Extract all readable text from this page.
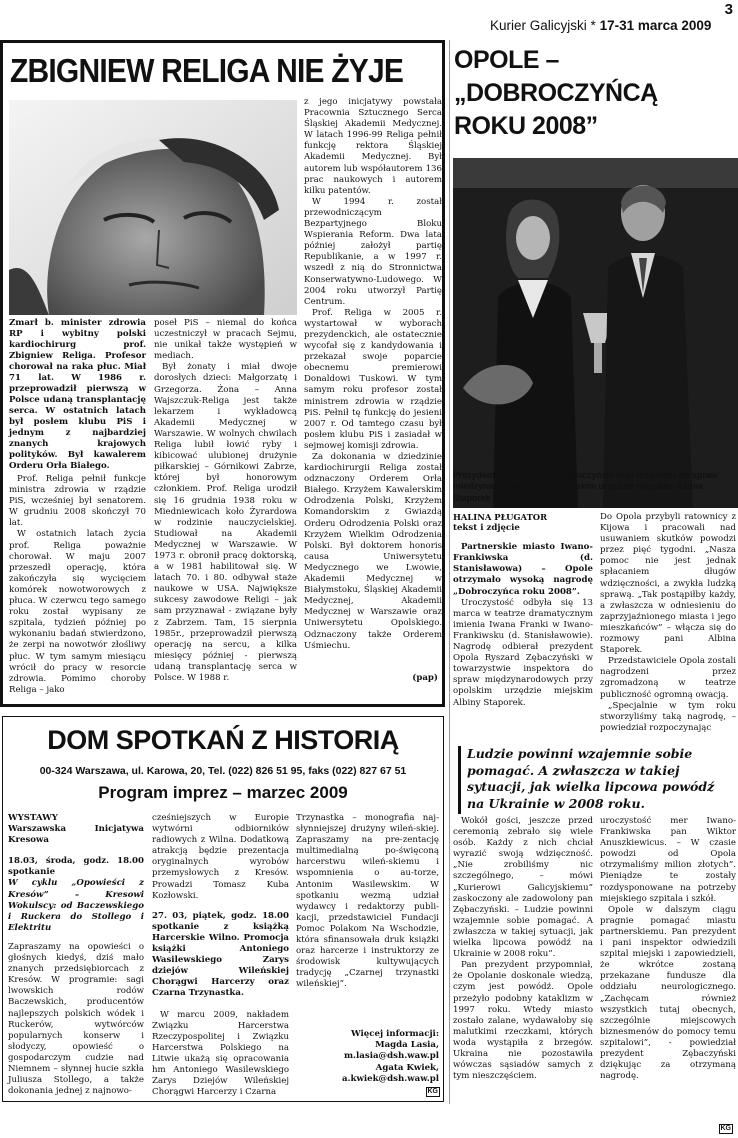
3
Kurier Galicyjski * 17-31 marca 2009
ZBIGNIEW RELIGA NIE ŻYJE
Zmarł b. minister zdrowia RP i wybitny polski kardiochirurg prof. Zbigniew Religa. Profesor chorował na raka płuc. Miał 71 lat. W 1986 r. przeprowadził pierwszą w Polsce udaną transplantację serca. W ostatnich latach był posłem klubu PiS i jednym z najbardziej znanych krajowych polityków. Był kawalerem Orderu Orła Białego.

Prof. Religa pełnił funkcje ministra zdrowia w rządzie PiS, wcześniej był senatorem. W grudniu 2008 skończył 70 lat.

W ostatnich latach życia prof. Religa poważnie chorował. W maju 2007 przeszedł operację, która zakończyła się wycięciem komórek nowotworowych z płuca. W czerwcu tego samego roku został wypisany ze szpitala, tydzień później po wykonaniu badań stwierdzono, że zerpi na nowotwór złośliwy płuc. W tym samym miesiącu wrócił do pracy w resorcie zdrowia. Pomimo choroby Religa – jako

poseł PiS – niemal do końca uczestniczył w pracach Sejmu, nie unikał także występień w mediach.

Był żonaty i miał dwoje dorosłych dzieci: Małgorzatę i Grzegorza. Żona – Anna Wajszczuk-Religa jest także lekarzem i wykładowcą Akademii Medycznej w Warszawie. W wolnych chwilach Religa lubił łowić ryby i kibicować ulubionej drużynie piłkarskiej – Górnikowi Zabrze, której był honorowym członkiem. Prof. Religa urodził się 16 grudnia 1938 roku w Miedniewicach koło Żyrardowa w rodzinie nauczycielskiej. Studiował na Akademii Medycznej w Warszawie. W 1973 r. obronił pracę doktorską, a w 1981 habilitował się. W latach 70. i 80. odbywał staże naukowe w USA. Największe sukcesy zawodowe Religi – jak sam przyznawał - związane były z Zabrzem. Tam, 15 sierpnia 1985r., przeprowadził pierwszą operację na sercu, a kilka miesięcy później - pierwszą udaną transplantację serca w Polsce. W 1988 r.

z jego inicjatywy powstała Pracownia Sztucznego Serca Śląskiej Akademii Medycznej. W latach 1996-99 Religa pełnił funkcję rektora Śląskiej Akademii Medycznej. Był autorem lub współautorem 136 prac naukowych i autorem kilku patentów.

W 1994 r. został przewodniczącym Bezpartyjnego Bloku Wspierania Reform. Dwa lata później założył partię Republikanie, a w 1997 r. wszedł z nią do Stronnictwa Konserwatywno-Ludowego. W 2004 roku utworzył Partię Centrum.

Prof. Religa w 2005 r. wystartował w wyborach prezydenckich, ale ostatecznie wycofał się z kandydowania i przekazał swoje poparcie obecnemu premierowi Donaldowi Tuskowi. W tym samym roku profesor został ministrem zdrowia w rządzie PiS. Pełnił tę funkcję do jesieni 2007 r. Od tamtego czasu był posłem klubu PiS i zasiadał w sejmowej komisji zdrowia.

Za dokonania w dziedzinie kardiochirurgii Religa został odznaczony Orderem Orła Białego. Krzyżem Kawalerskim Odrodzenia Polski, Krzyżem Komandorskim z Gwiazdą Orderu Odrodzenia Polski oraz Krzyżem Wielkim Odrodzenia Polski. Był doktorem honoris causa Uniwersytetu Medycznego we Lwowie, Akademii Medycznej w Białymstoku, Śląskiej Akademii Medycznej, Akademii Medycznej w Warszawie oraz Uniwersytetu Opolskiego. Odznaczony także Orderem Uśmiechu.

(pap)
OPOLE –
„DOBROCZYŃCĄ
ROKU 2008”
Prezydent Opola Ryszard Zębaczyński oraz inspektor do spraw międzynarodowych przy opolskim urzędzie miejskim Albina Staporek

HALINA PŁUGATOR

tekst i zdjęcie

Partnerskie miasto Iwano-Frankiwska (d. Stanisławowa) – Opole otrzymało wysoką nagrodę „Dobroczyńca roku 2008”.

Uroczystość odbyła się 13 marca w teatrze dramatycznym imienia Iwana Franki w Iwano-Frankiwsku (d. Stanisławowie). Nagrodę odbierał prezydent Opola Ryszard Zębaczyński w towarzystwie inspektora do spraw międzynarodowych przy opolskim urzędzie miejskim Albiny Staporek.

Do Opola przybyli ratownicy z Kijowa i pracowali nad usuwaniem skutków powodzi przez pięć tygodni. „Nasza pomoc nie jest jednak spłacaniem długów wdzięczności, a zwykła ludzką sprawą. „Tak postąpiłby każdy, a zwłaszcza w odniesieniu do zaprzyjaźnionego miasta i jego mieszkańców” – włącza się do rozmowy pani Albina Staporek.

Przedstawiciele Opola zostali nagrodzeni przez zgromadzoną w teatrze publiczność ogromną owacją.

„Specjalnie w tym roku stworzyliśmy taką nagrodę, – powiedział rozpoczynając

Ludzie powinni wzajemnie sobie pomagać. A zwłaszcza w takiej sytuacji, jak wielka lipcowa powódź na Ukrainie w 2008 roku.

Wokół gości, jeszcze przed ceremonią zebrało się wiele osób. Każdy z nich chciał wyrazić swoją wdzięczność. „Nie zrobiliśmy nic szczególnego, – mówi „Kurierowi Galicyjskiemu” zaskoczony ale zadowolony pan Zębaczyński. – Ludzie powinni wzajemnie sobie pomagać. A zwłaszcza w takiej sytuacji, jak wielka lipcowa powódź na Ukrainie w 2008 roku”.

Pan prezydent przypomniał, że Opolanie doskonale wiedzą, czym jest powódź. Opole przeżyło podobny kataklizm w 1997 roku. Wtedy miasto zostało zalane, wydawałoby się malutkimi rzeczkami, których woda wystąpiła z brzegów. Ukraina nie pozostawiła wówczas sąsiadów samych z tym nieszczęściem.

uroczystość mer Iwano-Frankiwska pan Wiktor Anuszkiewicus. – W czasie powodzi od Opola otrzymaliśmy milion złotych”. Pieniądze te zostały rozdysponowane na potrzeby miejskiego szpitala i szkół.

Opole w dalszym ciągu pragnie pomagać miastu partnerskiemu. Pan prezydent i pani inspektor odwiedzili szpital miejski i zapowiedzieli, że wkrótce zostaną przekazane fundusze dla oddziału neurologicznego. „Zachęcam również wszystkich tutaj obecnych, szczególnie miejscowych biznesmenów do pomocy temu szpitalowi”, - powiedział prezydent Zębaczyński dziękując za otrzymaną nagrodę.

KG
DOM SPOTKAŃ Z HISTORIĄ
00-324 Warszawa, ul. Karowa, 20, Tel. (022) 826 51 95, faks (022) 827 67 51
Program imprez – marzec 2009

WYSTAWY

Warszawska Inicjatywa Kresowa

18.03, środa, godz. 18.00 spotkanie

W cyklu „Opowieści z Kresów” – Kresowi Wokulscy: od Baczewskiego i Ruckera do Stollego i Elektritu

Zapraszamy na opowieści o głośnych kiedyś, dziś mało znanych przedsiębiorcach z Kresów. W programie: sagi lwowskich rodów Baczewskich, producentów najlepszych polskich wódek i Ruckerów, wytwórców popularnych konserw i słodyczy, opowieść o gospodarczym cudzie nad Niemnem – słynnej hucie szkła Juliusza Stollego, a także dokonania jednej z najnowo-

cześniejszych w Europie wytwórni odbiorników radiowych z Wilna. Dodatkową atrakcją będzie prezentacja oryginalnych wyrobów przemysłowych z Kresów. Prowadzi Tomasz Kuba Kozłowski.

27. 03, piątek, godz. 18.00 spotkanie z książką Harcerskie Wilno. Promocja książki Antoniego Wasilewskiego Zarys dziejów Wileńskiej Chorągwi Harcerzy oraz Czarna Trzynastka.

W marcu 2009, nakładem Związku Harcerstwa Rzeczypospolitej i Związku Harcerstwa Polskiego na Litwie ukażą się opracowania hm Antoniego Wasilewskiego Zarys Dziejów Wileńskiej Chorągwi Harcerzy i Czarna

Trzynastka – monografia naj-słynniejszej drużyny wileń-skiej. Zapraszamy na pre-zentację multimedialną po-święconą harcerstwu wileń-skiemu i wspomnienia o au-torze, Antonim Wasilewskim. W spotkaniu wezmą udział wydawcy i redaktorzy publi-kacji, przedstawiciel Fundacji Pomoc Polakom Na Wschodzie, która sfinansowała druk książki oraz harcerze i instruktorzy ze środowisk kultywujących tradycję „Czarnej trzynastki wileńskiej”.

Więcej informacji:
Magda Lasia,
m.lasia@dsh.waw.pl
Agata Kwiek,
a.kwiek@dsh.waw.pl
KG
